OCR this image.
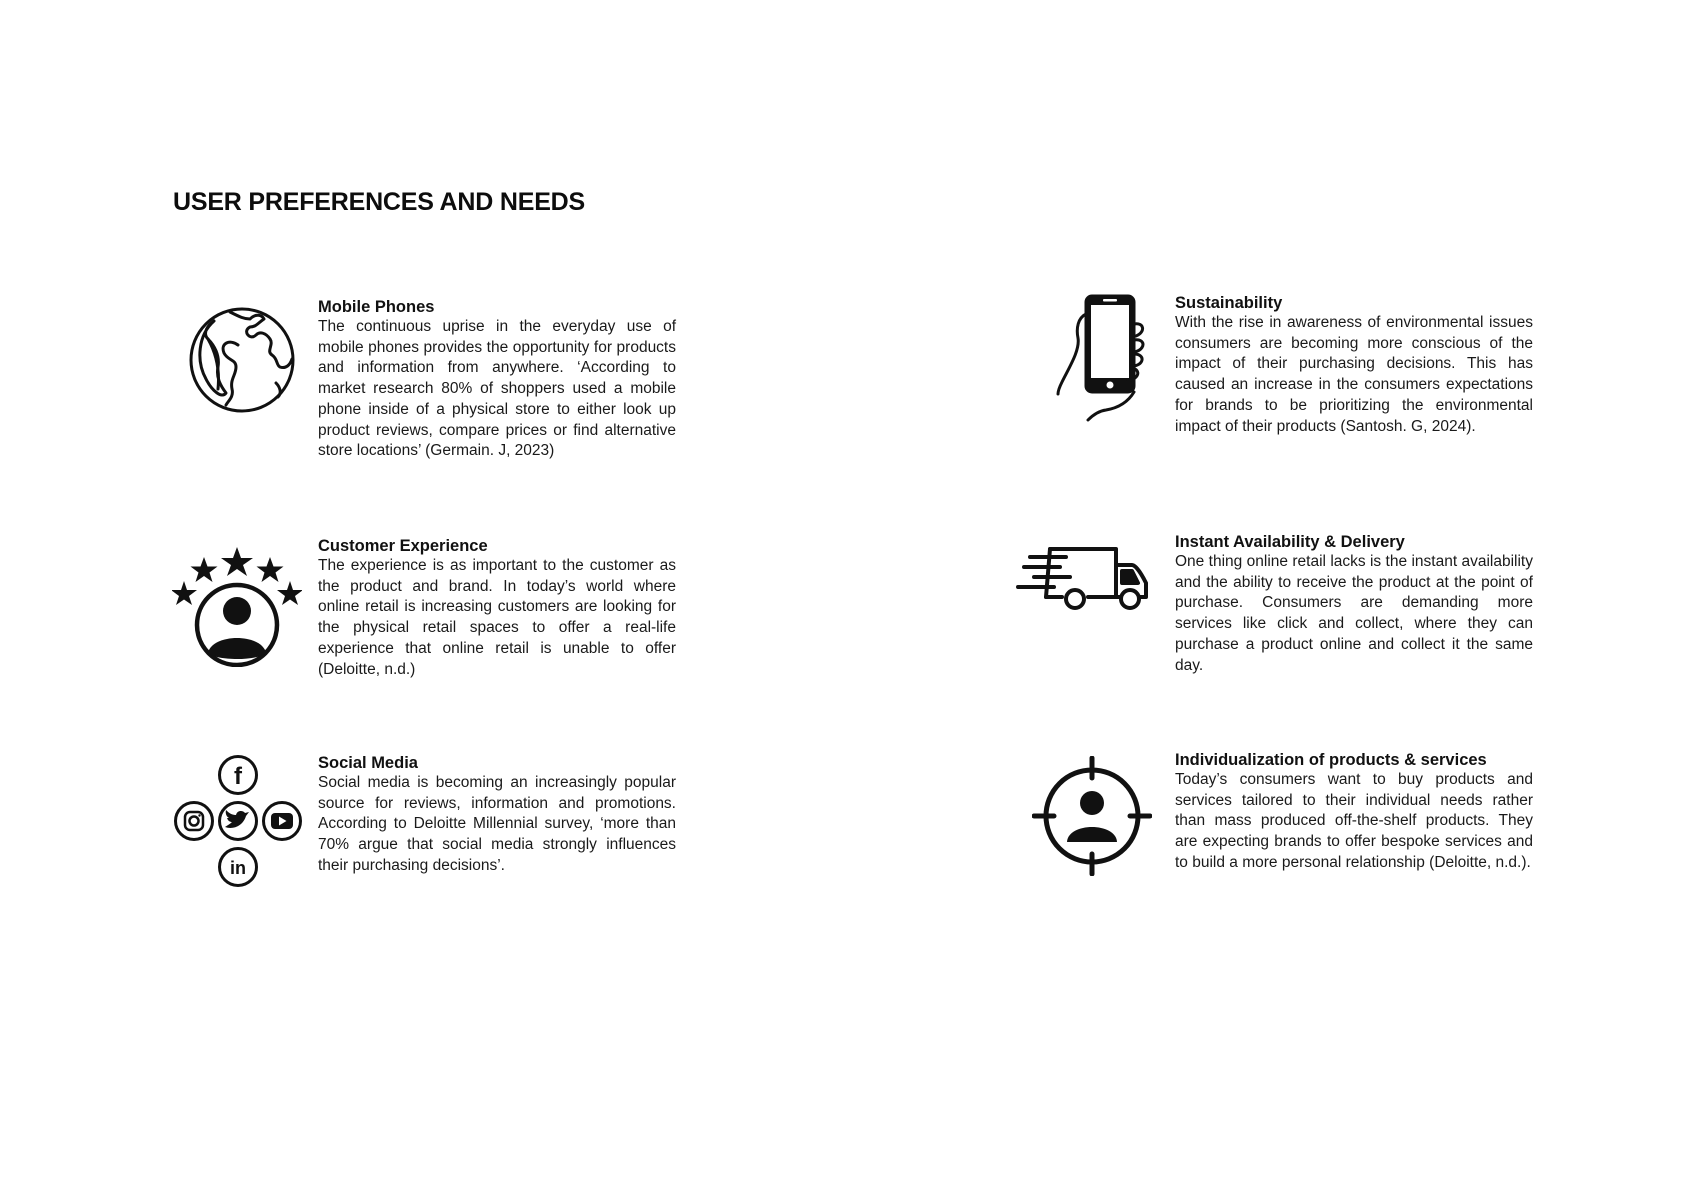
USER PREFERENCES AND NEEDS

Mobile Phones

The continuous uprise in the everyday use of mobile phones provides the opportunity for products and information from anywhere. ‘According to market research 80% of shoppers used a mobile phone inside of a physical store to either look up product reviews, compare prices or find alternative store locations’ (Germain. J, 2023)

Customer Experience

The experience is as important to the customer as the product and brand. In today’s world where online retail is increasing customers are looking for the physical retail spaces to offer a real-life experience that online retail is unable to offer (Deloitte, n.d.)

f
in

Social Media

Social media is becoming an increasingly popular source for reviews, information and promotions. According to Deloitte Millennial survey, ‘more than 70% argue that social media strongly influences their purchasing decisions’.

Sustainability

With the rise in awareness of environmental issues consumers are becoming more conscious of the impact of their purchasing decisions. This has caused an increase in the consumers expectations for brands to be prioritizing the environmental impact of their products (Santosh. G, 2024).

Instant Availability & Delivery

One thing online retail lacks is the instant availability and the ability to receive the product at the point of purchase. Consumers are demanding more services like click and collect, where they can purchase a product online and collect it the same day.

Individualization of products & services

Today’s consumers want to buy products and services tailored to their individual needs rather than mass produced off-the-shelf products. They are expecting brands to offer bespoke services and to build a more personal relationship (Deloitte, n.d.).
